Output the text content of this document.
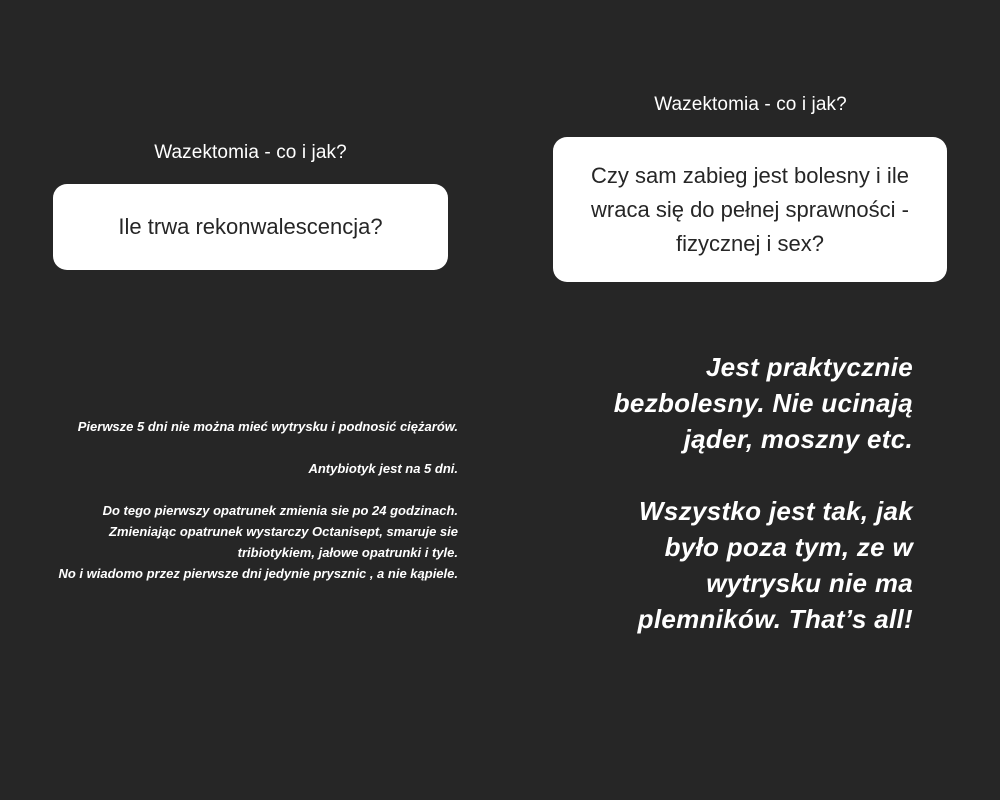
Wazektomia - co i jak?
Ile trwa rekonwalescencja?

Pierwsze 5 dni nie można mieć wytrysku i podnosić ciężarów.

Antybiotyk jest na 5 dni.

Do tego pierwszy opatrunek zmienia sie po 24 godzinach. Zmieniając opatrunek wystarczy Octanisept, smaruje sie tribiotykiem, jałowe opatrunki i tyle.
No i wiadomo przez pierwsze dni jedynie prysznic , a nie kąpiele.

Wazektomia - co i jak?
Czy sam zabieg jest bolesny i ile wraca się do pełnej sprawności - fizycznej i sex?

Jest praktycznie bezbolesny. Nie ucinają jąder, moszny etc.

Wszystko jest tak, jak było poza tym, ze w wytrysku nie ma plemników. That’s all!
